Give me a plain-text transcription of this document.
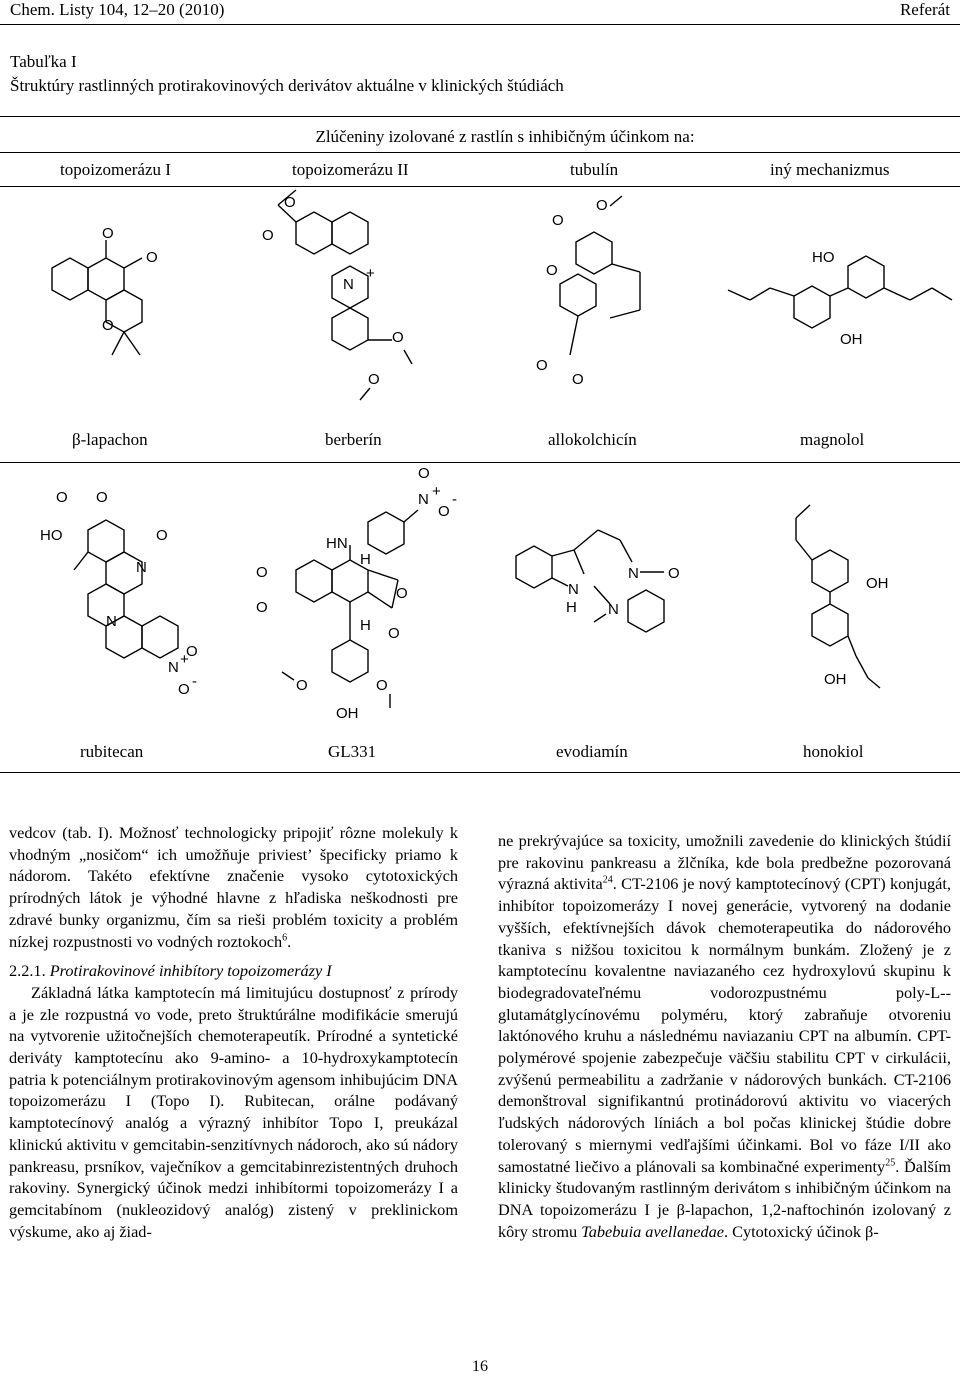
Chem. Listy 104, 12–20 (2010)	Referát
Tabuľka I
Štruktúry rastlinných protirakovinových derivátov aktuálne v klinických štúdiách
Zlúčeniny izolované z rastlín s inhibičným účinkom na:
topoizomerázu I	topoizomerázu II	tubulín	iný mechanizmus
O
O
O
O
O
N
+
O
O
O
O
O
O
O
HO
OH
β-lapachon	berberín	allokolchicín	magnolol
HO
O O
O
N
N
N +
O
O -
O
O
HN
H
H
O
O
O	O
OH
O
N +
O
-
N
H
N
N
O
OH
OH
rubitecan	GL331	evodiamín	honokiol

vedcov (tab. I). Možnosť technologicky pripojiť rôzne molekuly k vhodným „nosičom“ ich umožňuje priviest’ špecificky priamo k nádorom. Takéto efektívne značenie vysoko cytotoxických prírodných látok je výhodné hlavne z hľadiska neškodnosti pre zdravé bunky organizmu, čím sa rieši problém toxicity a problém nízkej rozpustnosti vo vodných roztokoch$^6$.

2.2.1. Protirakovinové inhibítory topoizomerázy I

Základná látka kamptotecín má limitujúcu dostupnosť z prírody a je zle rozpustná vo vode, preto štruktúrálne modifikácie smerujú na vytvorenie užitočnejších chemoterapeutík. Prírodné a syntetické deriváty kamptotecínu ako 9-amino- a 10-hydroxykamptotecín patria k potenciálnym protirakovinovým agensom inhibujúcim DNA topoizomerázu I (Topo I). Rubitecan, orálne podávaný kamptotecínový analóg a výrazný inhibítor Topo I, preukázal klinickú aktivitu v gemcitabin-senzitívnych nádoroch, ako sú nádory pankreasu, prsníkov, vaječníkov a gemcitabinrezistentných druhoch rakoviny. Synergický účinok medzi inhibítormi topoizomerázy I a gemcitabínom (nukleozidový analóg) zistený v preklinickom výskume, ako aj žiad-

ne prekrývajúce sa toxicity, umožnili zavedenie do klinických štúdií pre rakovinu pankreasu a žlčníka, kde bola predbežne pozorovaná výrazná aktivita$^{24}$. CT-2106 je nový kamptotecínový (CPT) konjugát, inhibítor topoizomerázy I novej generácie, vytvorený na dodanie vyšších, efektívnejších dávok chemoterapeutika do nádorového tkaniva s nižšou toxicitou k normálnym bunkám. Zložený je z kamptotecínu kovalentne naviazaného cez hydroxylovú skupinu k biodegradovateľnému vodorozpustnému poly-L--glutamátglycínovému polyméru, ktorý zabraňuje otvoreniu laktónového kruhu a následnému naviazaniu CPT na albumín. CPT-polymérové spojenie zabezpečuje väčšiu stabilitu CPT v cirkulácii, zvýšenú permeabilitu a zadržanie v nádorových bunkách. CT-2106 demonštroval signifikantnú protinádorovú aktivitu vo viacerých ľudských nádorových líniách a bol počas klinickej štúdie dobre tolerovaný s miernymi vedľajšími účinkami. Bol vo fáze I/II ako samostatné liečivo a plánovali sa kombinačné experimenty$^{25}$. Ďalším klinicky študovaným rastlinným derivátom s inhibičným účinkom na DNA topoizomerázu I je β-lapachon, 1,2-naftochinón izolovaný z kôry stromu Tabebuia avellanedae. Cytotoxický účinok β-

16
